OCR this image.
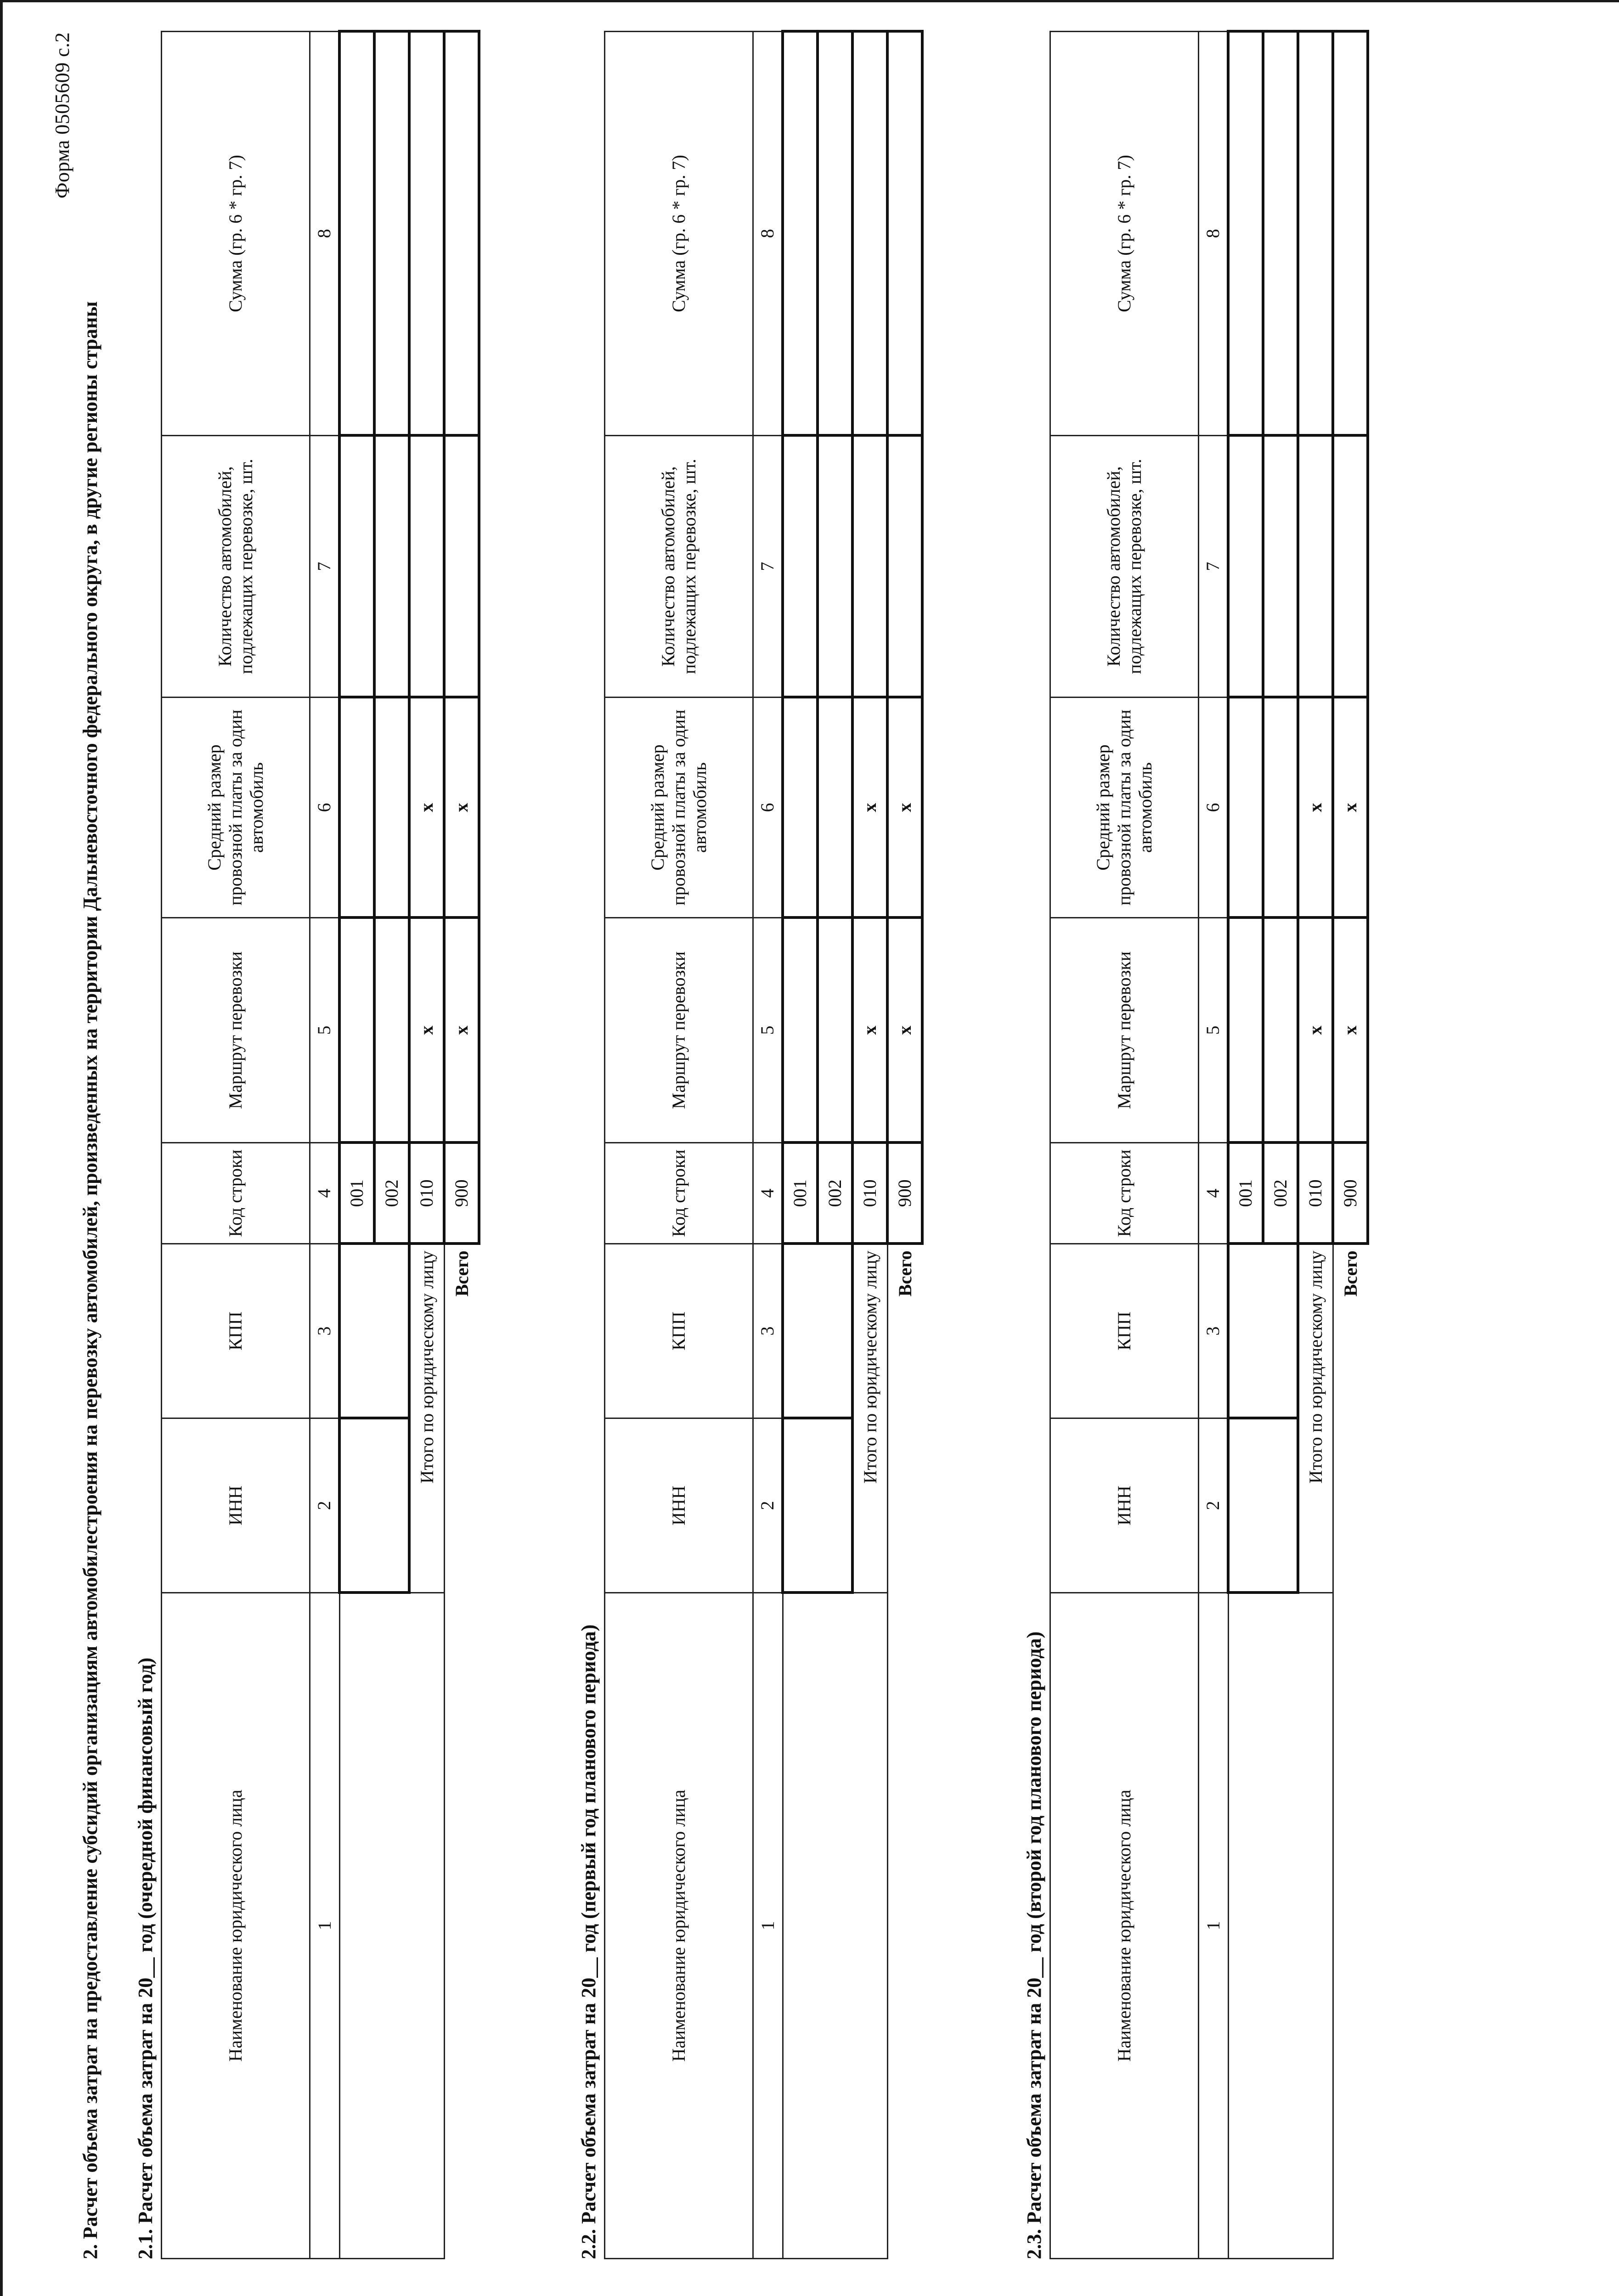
Форма 0505609 с.2
2. Расчет объема затрат на предоставление субсидий организациям автомобилестроения на перевозку автомобилей, произведенных на территории Дальневосточного федерального округа, в другие регионы страны 2.1. Расчет объема затрат на 20__ год (очередной финансовый год)	Наименование юридического лица	ИНН	КПП	Код строки	Маршрут перевозки	Средний размер провозной платы за один автомобиль	Количество автомобилей, подлежащих перевозке, шт.	Сумма (гр. 6 * гр. 7)
1	2	3	4	5	6	7	8
			001				
			002				
	Итого по юридическому лицу		010	x	x		
Всего			900	x	x		
2.2. Расчет объема затрат на 20__ год (первый год планового периода)	Наименование юридического лица	ИНН	КПП	Код строки	Маршрут перевозки	Средний размер провозной платы за один автомобиль	Количество автомобилей, подлежащих перевозке, шт.	Сумма (гр. 6 * гр. 7)
1	2	3	4	5	6	7	8
			001				
			002				
	Итого по юридическому лицу		010	x	x		
Всего			900	x	x		
2.3. Расчет объема затрат на 20__ год (второй год планового периода)	Наименование юридического лица	ИНН	КПП	Код строки	Маршрут перевозки	Средний размер провозной платы за один автомобиль	Количество автомобилей, подлежащих перевозке, шт.	Сумма (гр. 6 * гр. 7)
1	2	3	4	5	6	7	8
			001				
			002				
	Итого по юридическому лицу		010	x	x		
Всего			900	x	x		
